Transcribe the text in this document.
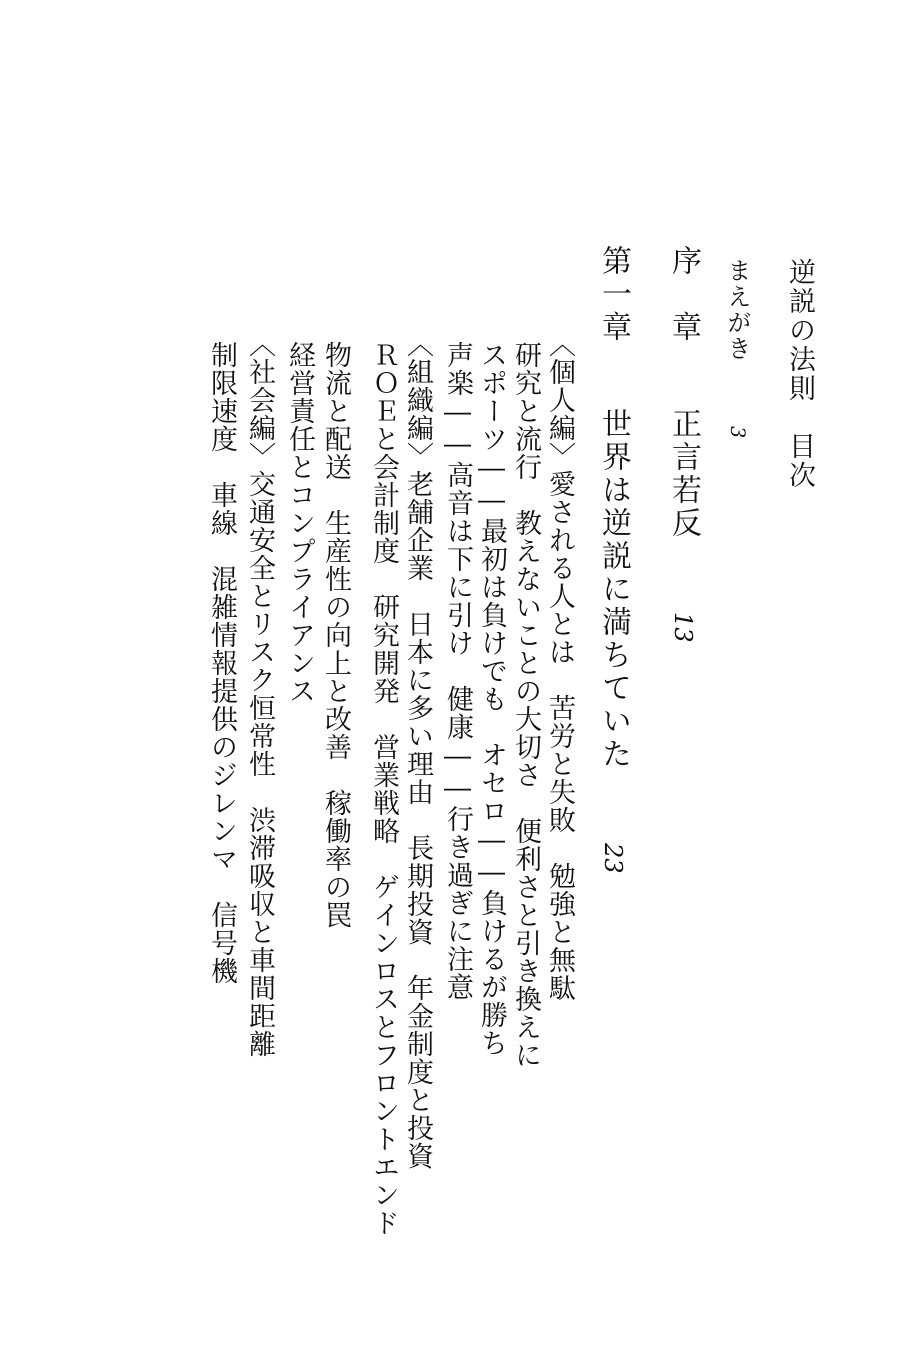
逆説の法則　目次
まえがき 3
序　章 正言若反 13
第一章 世界は逆説に満ちていた 23
〈個人編〉愛される人とは　苦労と失敗　勉強と無駄
研究と流行　教えないことの大切さ　便利さと引き換えに
スポーツ――最初は負けでも　オセロ――負けるが勝ち
声楽――高音は下に引け　健康――行き過ぎに注意
〈組織編〉老舗企業　日本に多い理由　長期投資　年金制度と投資
ＲＯＥと会計制度　研究開発　営業戦略　ゲインロスとフロントエンド
物流と配送　生産性の向上と改善　稼働率の罠
経営責任とコンプライアンス
〈社会編〉交通安全とリスク恒常性　渋滞吸収と車間距離
制限速度　車線　混雑情報提供のジレンマ　信号機
